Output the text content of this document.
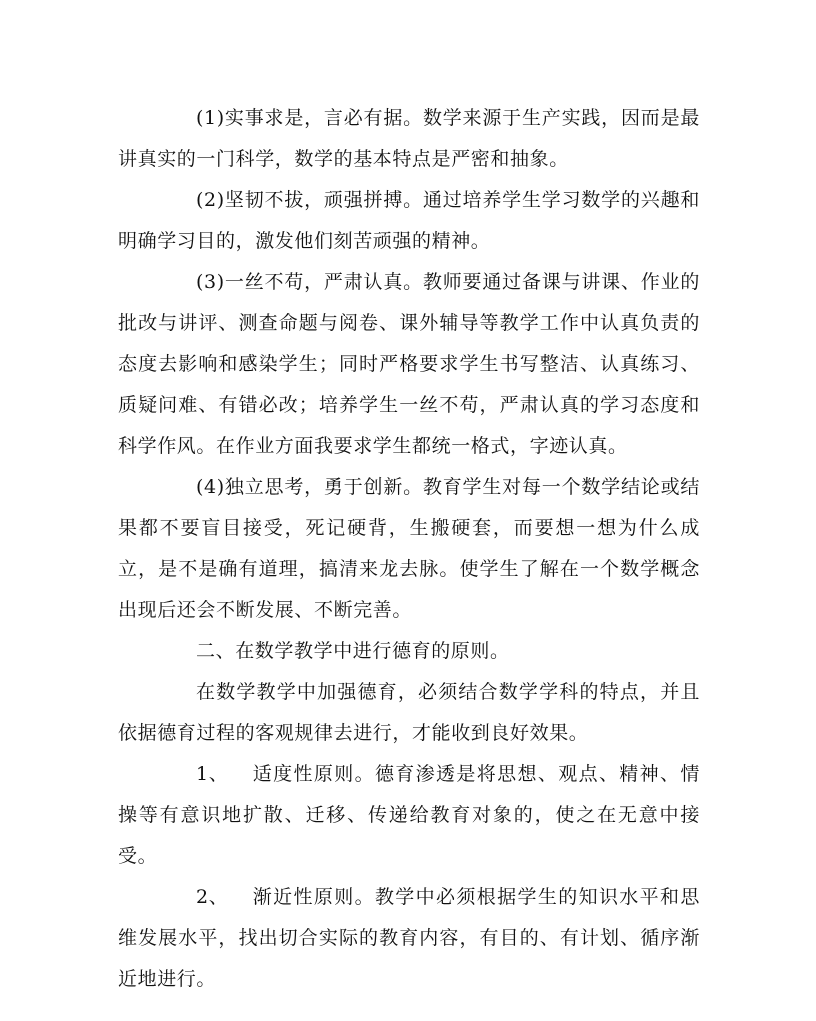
(1)实事求是，言必有据。数学来源于生产实践，因而是最讲真实的一门科学，数学的基本特点是严密和抽象。

(2)坚韧不拔，顽强拼搏。通过培养学生学习数学的兴趣和明确学习目的，激发他们刻苦顽强的精神。

(3)一丝不苟，严肃认真。教师要通过备课与讲课、作业的批改与讲评、测查命题与阅卷、课外辅导等教学工作中认真负责的态度去影响和感染学生；同时严格要求学生书写整洁、认真练习、质疑问难、有错必改；培养学生一丝不苟，严肃认真的学习态度和科学作风。在作业方面我要求学生都统一格式，字迹认真。

(4)独立思考，勇于创新。教育学生对每一个数学结论或结果都不要盲目接受，死记硬背，生搬硬套，而要想一想为什么成立，是不是确有道理，搞清来龙去脉。使学生了解在一个数学概念出现后还会不断发展、不断完善。

二、在数学教学中进行德育的原则。

在数学教学中加强德育，必须结合数学学科的特点，并且依据德育过程的客观规律去进行，才能收到良好效果。

1、 适度性原则。德育渗透是将思想、观点、精神、情操等有意识地扩散、迁移、传递给教育对象的，使之在无意中接受。

2、 渐近性原则。教学中必须根据学生的知识水平和思维发展水平，找出切合实际的教育内容，有目的、有计划、循序渐近地进行。
